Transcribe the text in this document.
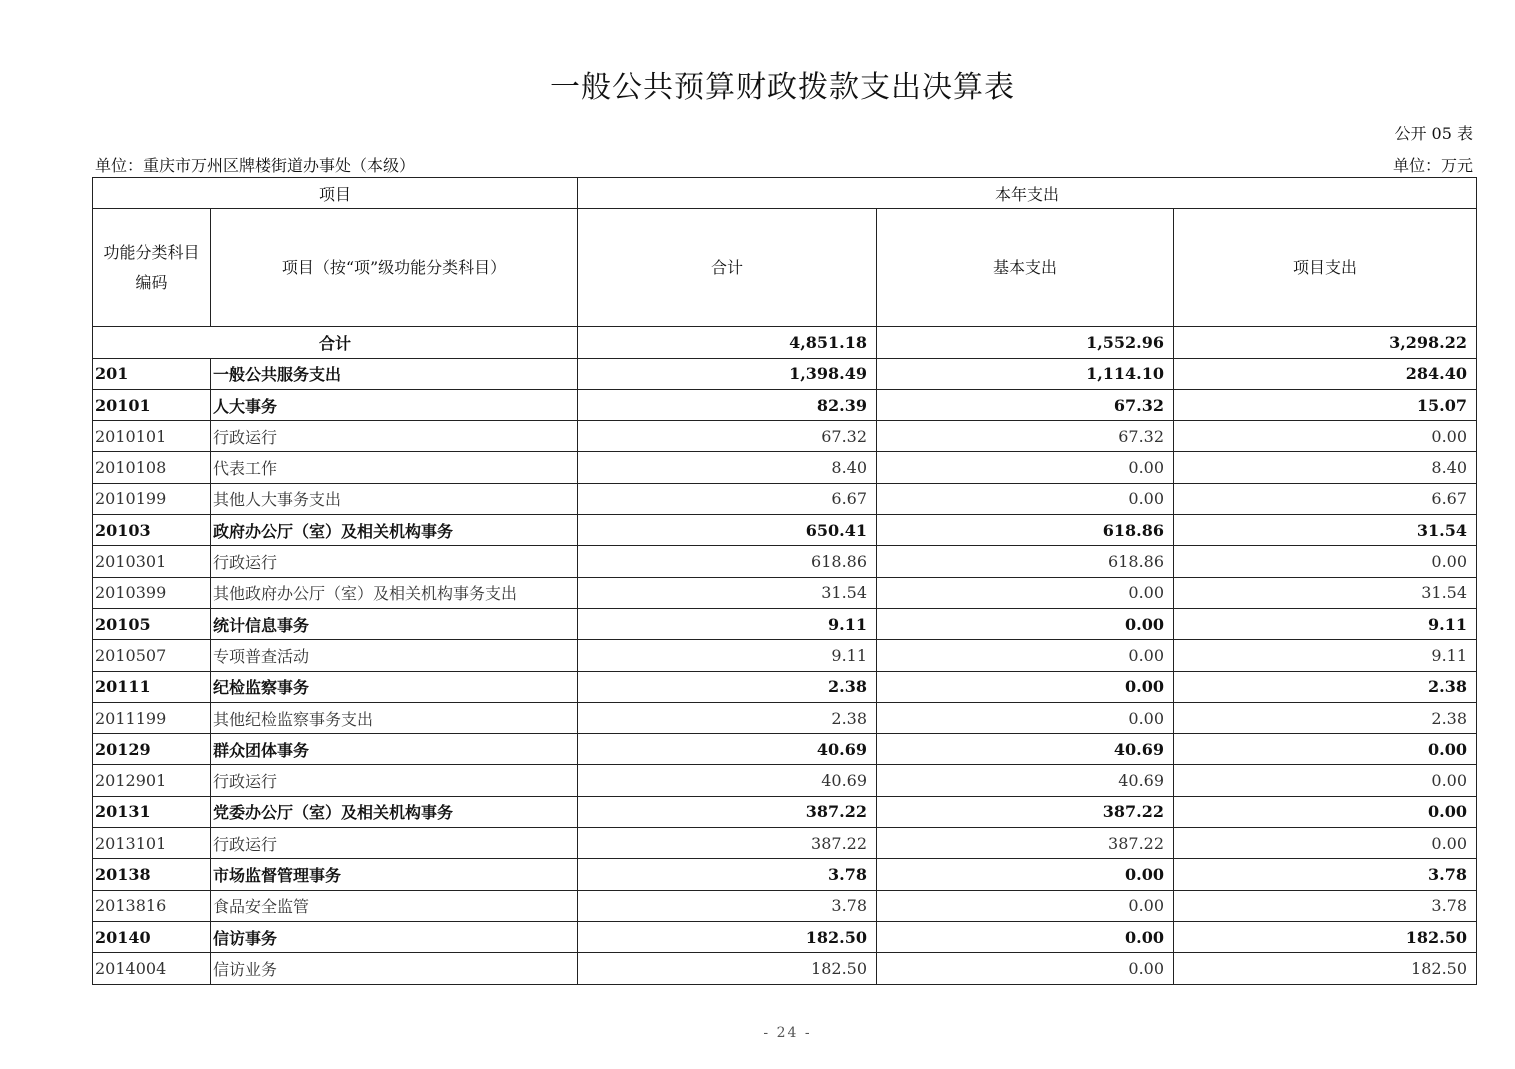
一般公共预算财政拨款支出决算表
公开 05 表
单位：重庆市万州区牌楼街道办事处（本级）	单位：万元
项目		本年支出		
功能分类科目编码	项目（按“项”级功能分类科目）	合计	基本支出	项目支出
合计		4,851.18	1,552.96	3,298.22
201	一般公共服务支出	1,398.49	1,114.10	284.40
20101	人大事务	82.39	67.32	15.07
2010101	行政运行	67.32	67.32	0.00
2010108	代表工作	8.40	0.00	8.40
2010199	其他人大事务支出	6.67	0.00	6.67
20103	政府办公厅（室）及相关机构事务	650.41	618.86	31.54
2010301	行政运行	618.86	618.86	0.00
2010399	其他政府办公厅（室）及相关机构事务支出	31.54	0.00	31.54
20105	统计信息事务	9.11	0.00	9.11
2010507	专项普查活动	9.11	0.00	9.11
20111	纪检监察事务	2.38	0.00	2.38
2011199	其他纪检监察事务支出	2.38	0.00	2.38
20129	群众团体事务	40.69	40.69	0.00
2012901	行政运行	40.69	40.69	0.00
20131	党委办公厅（室）及相关机构事务	387.22	387.22	0.00
2013101	行政运行	387.22	387.22	0.00
20138	市场监督管理事务	3.78	0.00	3.78
2013816	食品安全监管	3.78	0.00	3.78
20140	信访事务	182.50	0.00	182.50
2014004	信访业务	182.50	0.00	182.50
- 24 -
